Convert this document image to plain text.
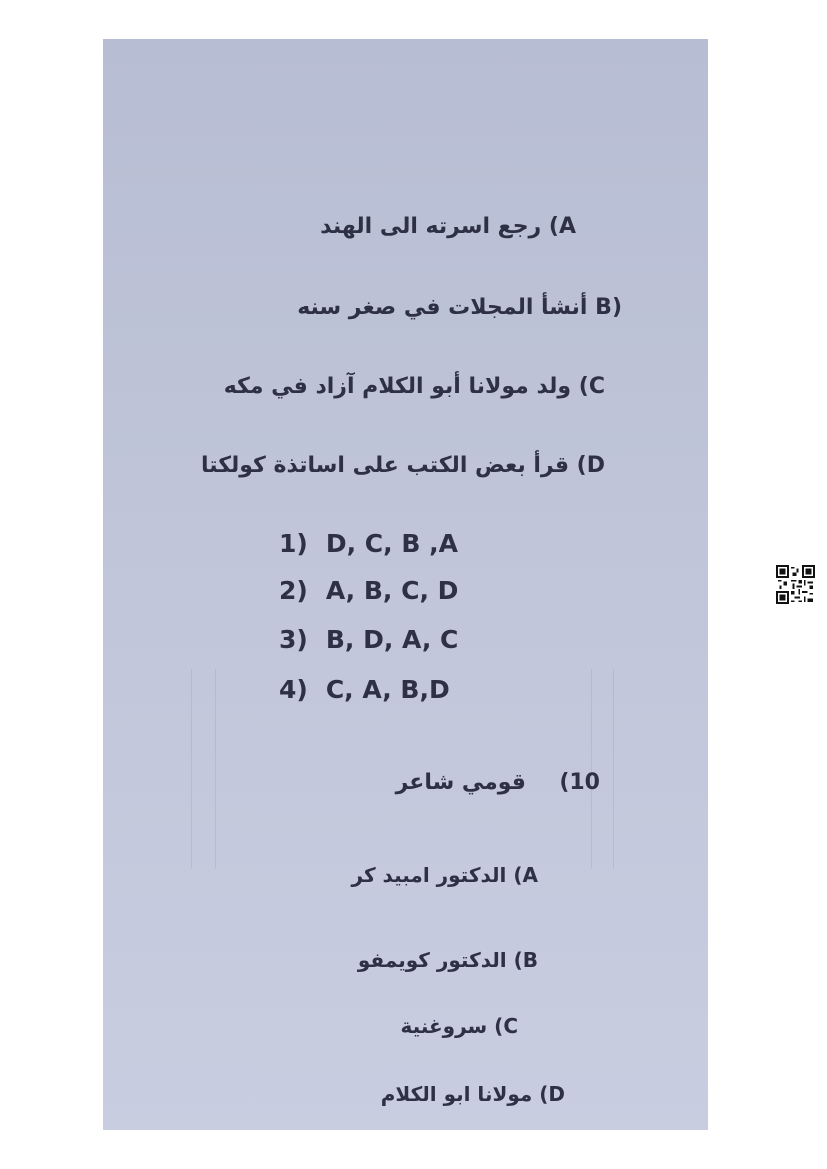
A) رجع اسرته الى الهند

(B أنشأ المجلات في صغر سنه

C) ولد مولانا أبو الكلام آزاد في مكه

D) قرأ بعض الكتب على اساتذة كولكتا

1) D, C, B ,A

2) A, B, C, D

3) B, D, A, C

4) C, A, B,D

10)  قومي شاعر

A) الدكتور امبيد كر

B) الدكتور كويمفو

C) سروغنية

D) مولانا ابو الكلام
